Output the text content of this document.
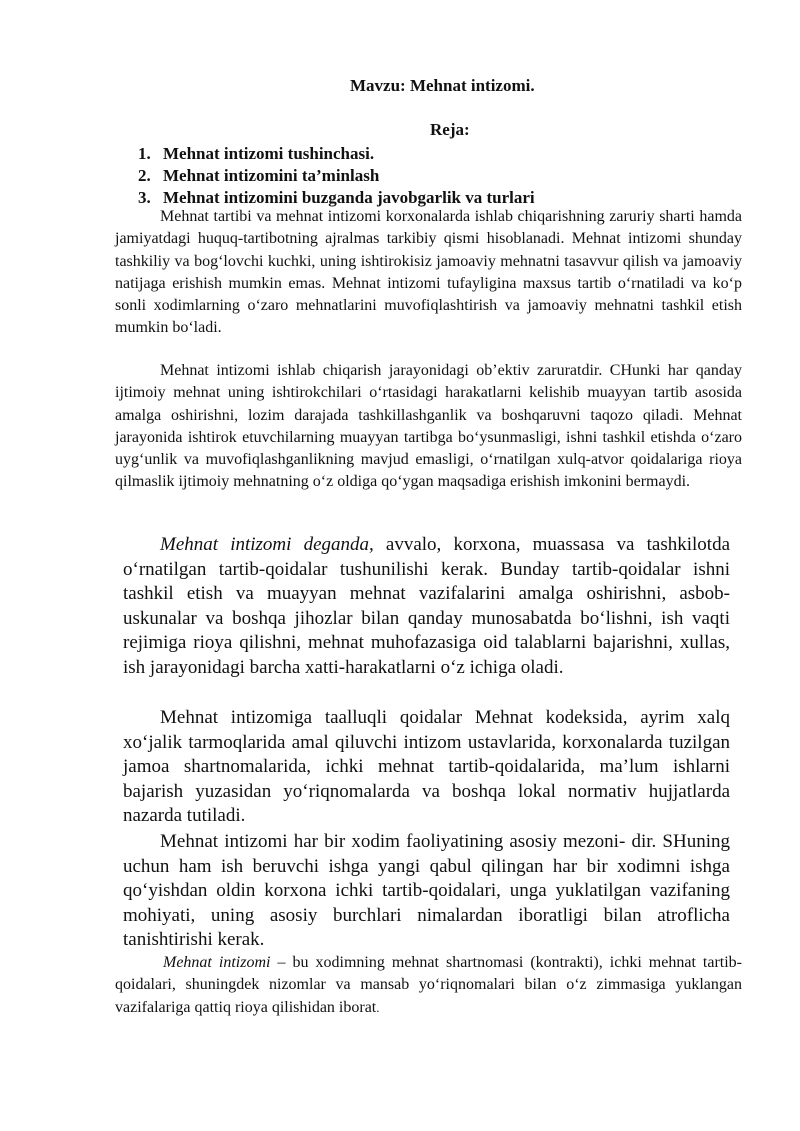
Mavzu: Mehnat intizomi.
Reja:
1. Mehnat intizomi tushinchasi.
2. Mehnat intizomini ta’minlash
3. Mehnat intizomini buzganda javobgarlik va turlari

Mehnat tartibi va mehnat intizomi korxonalarda ishlab chiqarishning zaruriy sharti hamda jamiyatdagi huquq-tartibotning ajralmas tarkibiy qismi hisoblanadi. Mehnat intizomi shunday tashkiliy va bog‘lovchi kuchki, uning ishtirokisiz jamoaviy mehnatni tasavvur qilish va jamoaviy natijaga erishish mumkin emas. Mehnat intizomi tufayligina maxsus tartib o‘rnatiladi va ko‘p sonli xodimlarning o‘zaro mehnatlarini muvofiqlashtirish va jamoaviy mehnatni tashkil etish mumkin bo‘ladi.

Mehnat intizomi ishlab chiqarish jarayonidagi ob’ektiv zaruratdir. CHunki har qanday ijtimoiy mehnat uning ishtirokchilari o‘rtasidagi harakatlarni kelishib muayyan tartib asosida amalga oshirishni, lozim darajada tashkillashganlik va boshqaruvni taqozo qiladi. Mehnat jarayonida ishtirok etuvchilarning muayyan tartibga bo‘ysunmasligi, ishni tashkil etishda o‘zaro uyg‘unlik va muvofiqlashganlikning mavjud emasligi, o‘rnatilgan xulq-atvor qoidalariga rioya qilmaslik ijtimoiy mehnatning o‘z oldiga qo‘ygan maqsadiga erishish imkonini bermaydi.

Mehnat intizomi deganda, avvalo, korxona, muassasa va tashkilotda o‘rnatilgan tartib-qoidalar tushunilishi kerak. Bunday tartib-qoidalar ishni tashkil etish va muayyan mehnat vazifalarini amalga oshirishni, asbob-uskunalar va boshqa jihozlar bilan qanday munosabatda bo‘lishni, ish vaqti rejimiga rioya qilishni, mehnat muhofazasiga oid talablarni bajarishni, xullas, ish jarayonidagi barcha xatti-harakatlarni o‘z ichiga oladi.

Mehnat intizomiga taalluqli qoidalar Mehnat kodeksida, ayrim xalq xo‘jalik tarmoqlarida amal qiluvchi intizom ustavlarida, korxonalarda tuzilgan jamoa shartnomalarida, ichki mehnat tartib-qoidalarida, ma’lum ishlarni bajarish yuzasidan yo‘riqnomalarda va boshqa lokal normativ hujjatlarda nazarda tutiladi.

Mehnat intizomi har bir xodim faoliyatining asosiy mezoni- dir. SHuning uchun ham ish beruvchi ishga yangi qabul qilingan har bir xodimni ishga qo‘yishdan oldin korxona ichki tartib-qoidalari, unga yuklatilgan vazifaning mohiyati, uning asosiy burchlari nimalardan iboratligi bilan atroflicha tanishtirishi kerak.

Mehnat intizomi – bu xodimning mehnat shartnomasi (kontrakti), ichki mehnat tartib-qoidalari, shuningdek nizomlar va mansab yo‘riqnomalari bilan o‘z zimmasiga yuklangan vazifalariga qattiq rioya qilishidan iborat.
